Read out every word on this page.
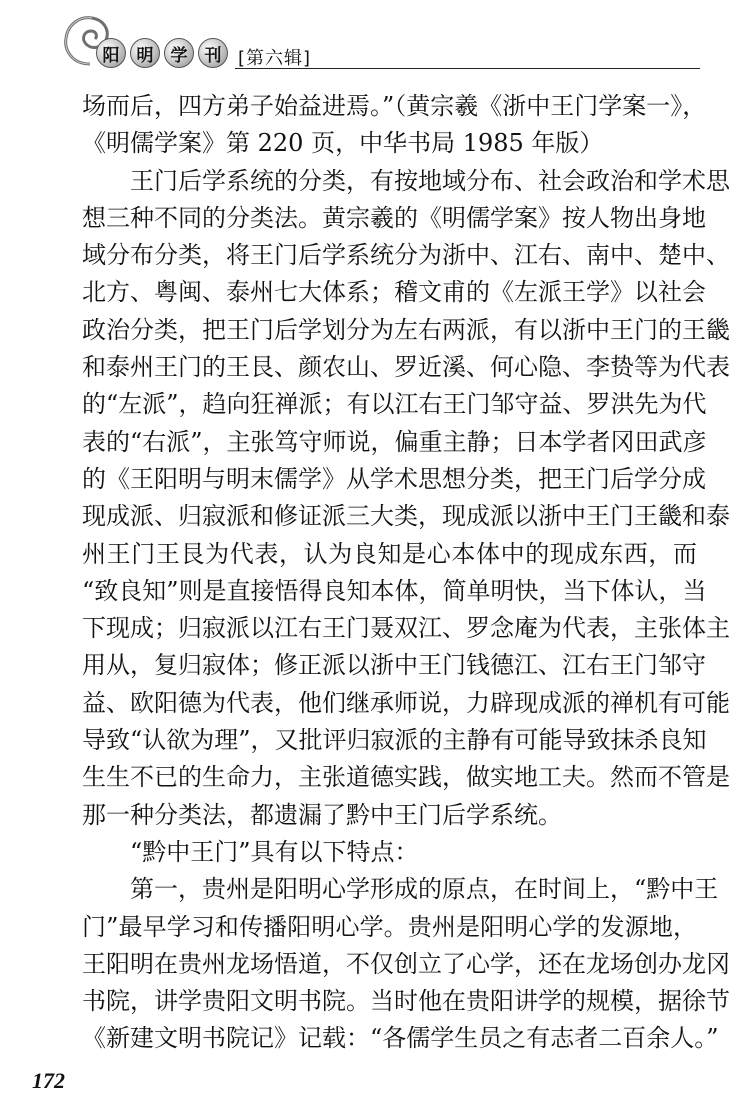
阳	明	学	刊 [第六辑]
场而后，四方弟子始益进焉。”（黄宗羲《浙中王门学案一》，
《明儒学案》第 220 页，中华书局 1985 年版）
王门后学系统的分类，有按地域分布、社会政治和学术思
想三种不同的分类法。黄宗羲的《明儒学案》按人物出身地
域分布分类，将王门后学系统分为浙中、江右、南中、楚中、
北方、粤闽、泰州七大体系；稽文甫的《左派王学》以社会
政治分类，把王门后学划分为左右两派，有以浙中王门的王畿
和泰州王门的王艮、颜农山、罗近溪、何心隐、李贽等为代表
的“左派”，趋向狂禅派；有以江右王门邹守益、罗洪先为代
表的“右派”，主张笃守师说，偏重主静；日本学者冈田武彦
的《王阳明与明末儒学》从学术思想分类，把王门后学分成
现成派、归寂派和修证派三大类，现成派以浙中王门王畿和泰
州王门王艮为代表，认为良知是心本体中的现成东西，而
“致良知”则是直接悟得良知本体，简单明快，当下体认，当
下现成；归寂派以江右王门聂双江、罗念庵为代表，主张体主
用从，复归寂体；修正派以浙中王门钱德江、江右王门邹守
益、欧阳德为代表，他们继承师说，力辟现成派的禅机有可能
导致“认欲为理”，又批评归寂派的主静有可能导致抹杀良知
生生不已的生命力，主张道德实践，做实地工夫。然而不管是
那一种分类法，都遗漏了黔中王门后学系统。
“黔中王门”具有以下特点：
第一，贵州是阳明心学形成的原点，在时间上，“黔中王
门”最早学习和传播阳明心学。贵州是阳明心学的发源地，
王阳明在贵州龙场悟道，不仅创立了心学，还在龙场创办龙冈
书院，讲学贵阳文明书院。当时他在贵阳讲学的规模，据徐节
《新建文明书院记》记载：“各儒学生员之有志者二百余人。”
172
